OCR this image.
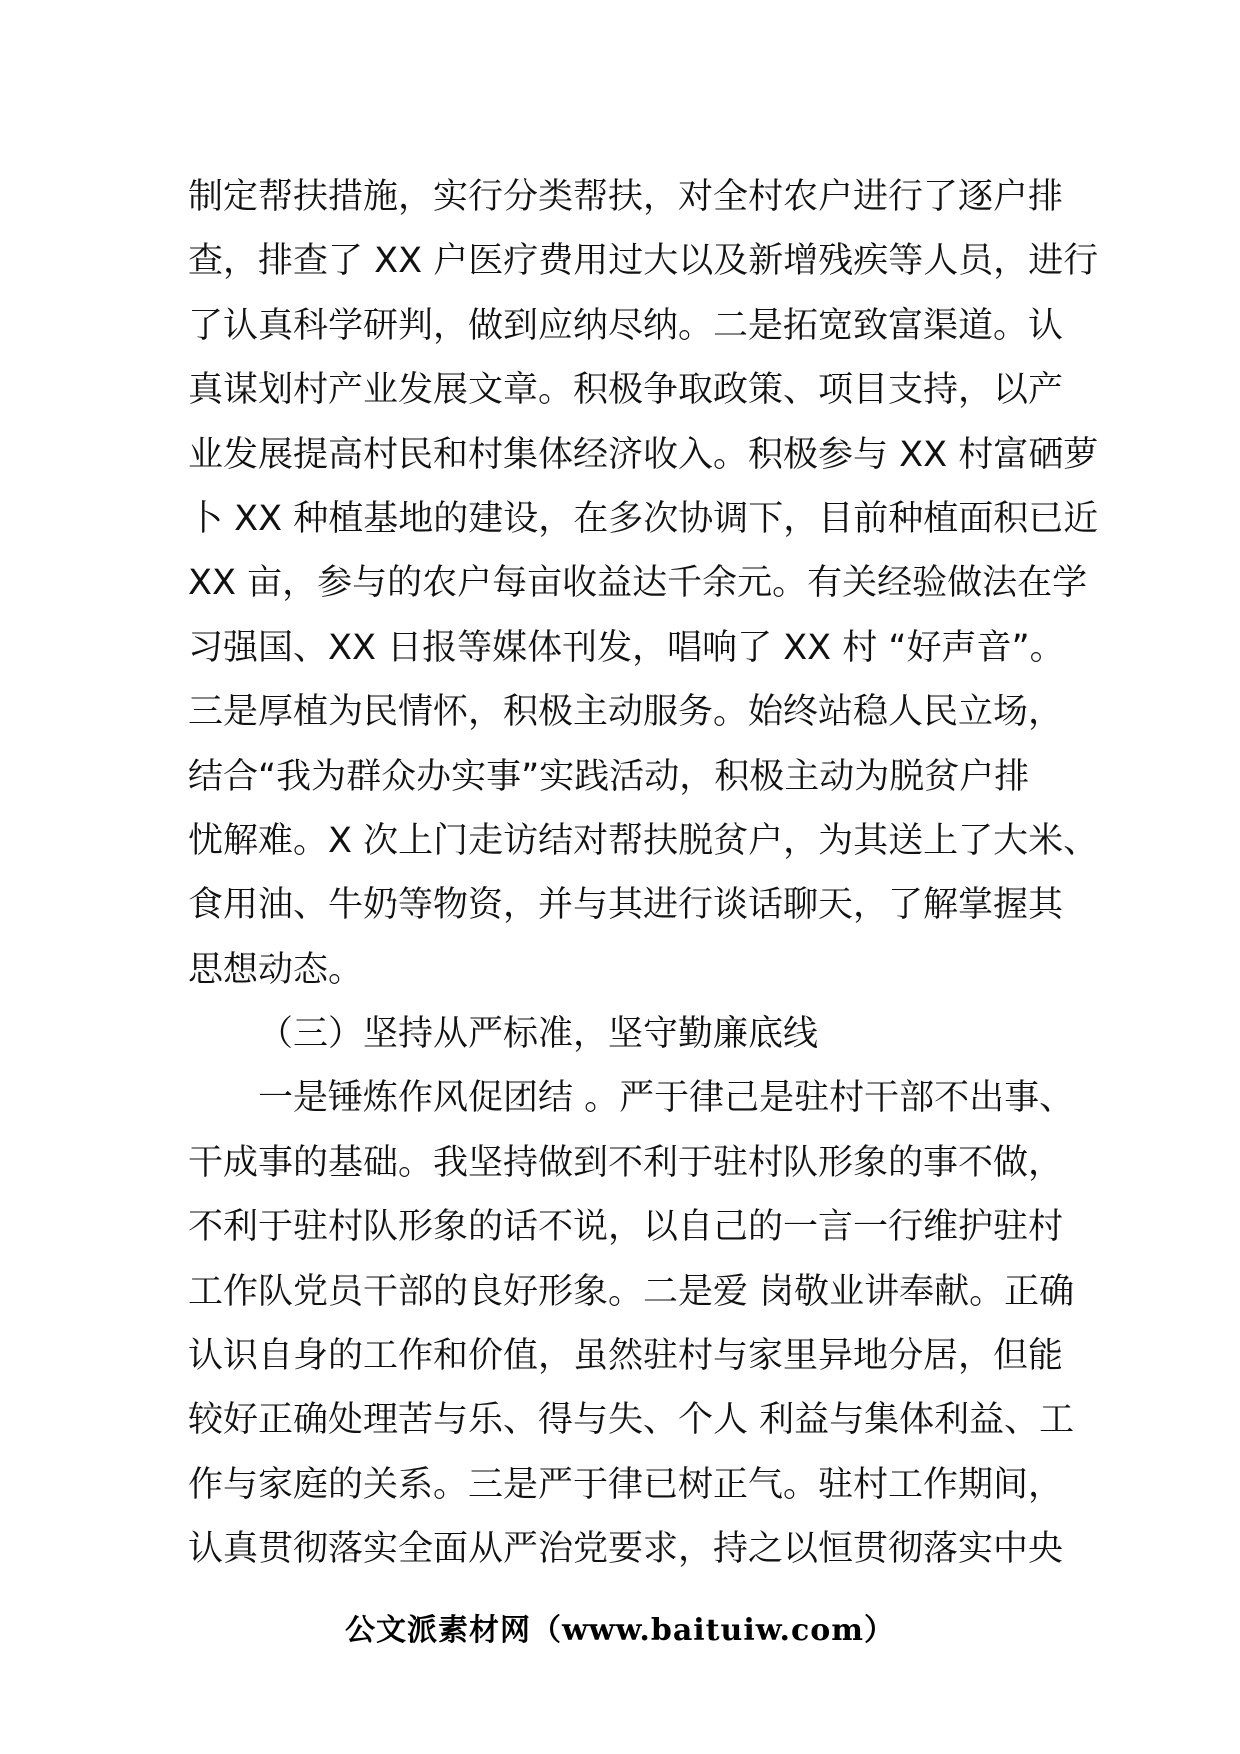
制定帮扶措施，实行分类帮扶，对全村农户进行了逐户排
查，排查了 XX 户医疗费用过大以及新增残疾等人员，进行
了认真科学研判，做到应纳尽纳。二是拓宽致富渠道。认
真谋划村产业发展文章。积极争取政策、项目支持，以产
业发展提高村民和村集体经济收入。积极参与 XX 村富硒萝
卜 XX 种植基地的建设，在多次协调下，目前种植面积已近
XX 亩，参与的农户每亩收益达千余元。有关经验做法在学
习强国、XX 日报等媒体刊发，唱响了 XX 村 “好声音”。
三是厚植为民情怀，积极主动服务。始终站稳人民立场，
结合“我为群众办实事”实践活动，积极主动为脱贫户排
忧解难。X 次上门走访结对帮扶脱贫户，为其送上了大米、
食用油、牛奶等物资，并与其进行谈话聊天，了解掌握其
思想动态。
（三）坚持从严标准，坚守勤廉底线
一是锤炼作风促团结 。严于律己是驻村干部不出事、
干成事的基础。我坚持做到不利于驻村队形象的事不做，
不利于驻村队形象的话不说，以自己的一言一行维护驻村
工作队党员干部的良好形象。二是爱 岗敬业讲奉献。正确
认识自身的工作和价值，虽然驻村与家里异地分居，但能
较好正确处理苦与乐、得与失、个人 利益与集体利益、工
作与家庭的关系。三是严于律已树正气。驻村工作期间，
认真贯彻落实全面从严治党要求，持之以恒贯彻落实中央
公文派素材网（www.baituiw.com）
